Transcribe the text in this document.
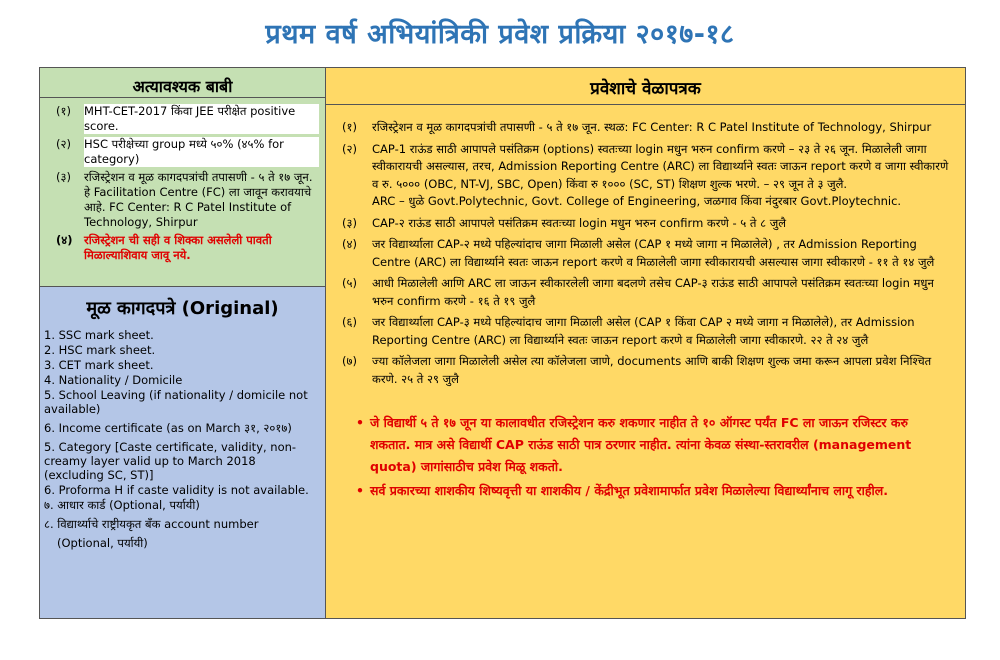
प्रथम वर्ष अभियांत्रिकी प्रवेश प्रक्रिया २०१७-१८
अत्यावश्यक बाबी
(१)	MHT-CET-2017 किंवा JEE परीक्षेत positive score.
(२)	HSC परीक्षेच्या group मध्ये ५०% (४५% for category)
(३)	रजिस्ट्रेशन व मूळ कागदपत्रांची तपासणी - ५ ते १७ जून. हे Facilitation Centre (FC) ला जावून करावयाचे आहे. FC Center: R C Patel Institute of Technology, Shirpur
(४)	रजिस्ट्रेशन ची सही व शिक्का असलेली पावती मिळाल्याशिवाय जावू नये.
मूळ कागदपत्रे (Original)
1. SSC mark sheet.
2. HSC mark sheet.
3. CET mark sheet.
4. Nationality / Domicile
5. School Leaving (if nationality / domicile not available)
6. Income certificate (as on March ३१, २०१७)
5. Category [Caste certificate, validity, non-creamy layer valid up to March 2018 (excluding SC, ST)]
6. Proforma H if caste validity is not available.
७. आधार कार्ड (Optional, पर्यायी)
८. विद्यार्थ्याचे राष्ट्रीयकृत बँक account number
(Optional, पर्यायी)
प्रवेशाचे वेळापत्रक
(१)	रजिस्ट्रेशन व मूळ कागदपत्रांची तपासणी - ५ ते १७ जून. स्थळ: FC Center: R C Patel Institute of Technology, Shirpur
(२)	CAP-1 राऊंड साठी आपापले पसंतिक्रम (options) स्वतःच्या login मधुन भरुन confirm करणे – २३ ते २६ जून. मिळालेली जागा स्वीकारायची असल्यास, तरच, Admission Reporting Centre (ARC) ला विद्यार्थ्याने स्वतः जाऊन report करणे व जागा स्वीकारणे व रु. ५००० (OBC, NT-VJ, SBC, Open) किंवा रु १००० (SC, ST) शिक्षण शुल्क भरणे. – २९ जून ते ३ जुलै.
ARC – धुळे Govt.Polytechnic, Govt. College of Engineering, जळगाव किंवा नंदुरबार Govt.Ploytechnic.
(३)	CAP-२ राऊंड साठी आपापले पसंतिक्रम स्वतःच्या login मधुन भरुन confirm करणे - ५ ते ८ जुलै
(४)	जर विद्यार्थ्याला CAP-२ मध्ये पहिल्यांदाच जागा मिळाली असेल (CAP १ मध्ये जागा न मिळालेले) , तर Admission Reporting Centre (ARC) ला विद्यार्थ्याने स्वतः जाऊन report करणे व मिळालेली जागा स्वीकारायची असल्यास जागा स्वीकारणे - ११ ते १४ जुलै
(५)	आधी मिळालेली आणि ARC ला जाऊन स्वीकारलेली जागा बदलणे तसेच CAP-३ राऊंड साठी आपापले पसंतिक्रम स्वतःच्या login मधुन भरुन confirm करणे - १६ ते १९ जुलै
(६)	जर विद्यार्थ्याला CAP-३ मध्ये पहिल्यांदाच जागा मिळाली असेल (CAP १ किंवा CAP २ मध्ये जागा न मिळालेले), तर Admission Reporting Centre (ARC) ला विद्यार्थ्याने स्वतः जाऊन report करणे व मिळालेली जागा स्वीकारणे. २२ ते २४ जुलै
(७)	ज्या कॉलेजला जागा मिळालेली असेल त्या कॉलेजला जाणे, documents आणि बाकी शिक्षण शुल्क जमा करून आपला प्रवेश निश्चित करणे. २५ ते २९ जुलै
• जे विद्यार्थी ५ ते १७ जून या कालावधीत रजिस्ट्रेशन करु शकणार नाहीत ते १० ऑगस्ट पर्यंत FC ला जाऊन रजिस्टर करु शकतात. मात्र असे विद्यार्थी CAP राऊंड साठी पात्र ठरणार नाहीत. त्यांना केवळ संस्था-स्तरावरील (management quota) जागांसाठीच प्रवेश मिळू शकतो.
• सर्व प्रकारच्या शाशकीय शिष्यवृत्ती या शाशकीय / केंद्रीभूत प्रवेशामार्फात प्रवेश मिळालेल्या विद्यार्थ्यांनाच लागू राहील.
